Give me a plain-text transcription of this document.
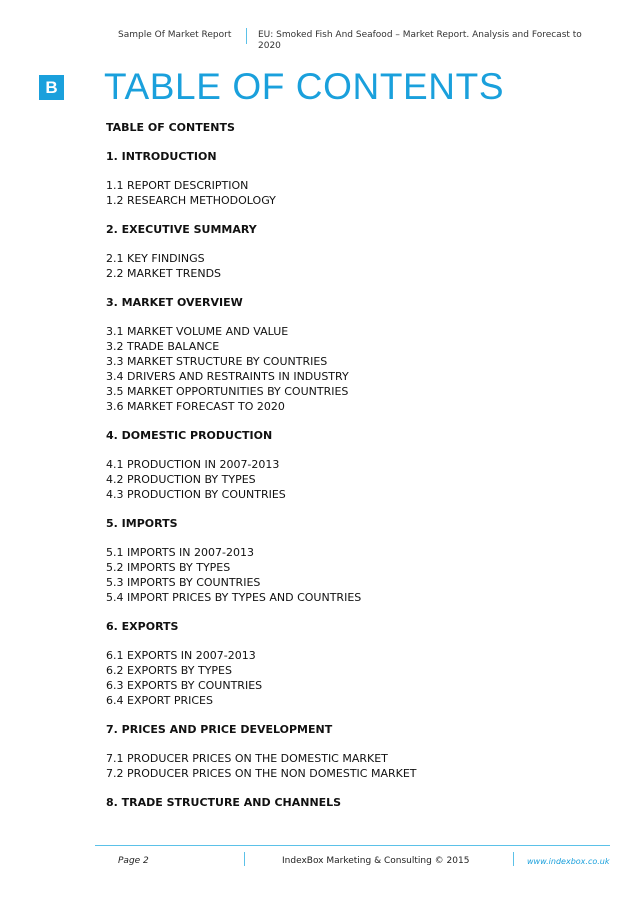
Sample Of Market Report	EU: Smoked Fish And Seafood – Market Report. Analysis and Forecast to 2020
B TABLE OF CONTENTS
TABLE OF CONTENTS
1. INTRODUCTION
1.1 REPORT DESCRIPTION
1.2 RESEARCH METHODOLOGY
2. EXECUTIVE SUMMARY
2.1 KEY FINDINGS
2.2 MARKET TRENDS
3. MARKET OVERVIEW
3.1 MARKET VOLUME AND VALUE
3.2 TRADE BALANCE
3.3 MARKET STRUCTURE BY COUNTRIES
3.4 DRIVERS AND RESTRAINTS IN INDUSTRY
3.5 MARKET OPPORTUNITIES BY COUNTRIES
3.6 MARKET FORECAST TO 2020
4. DOMESTIC PRODUCTION
4.1 PRODUCTION IN 2007-2013
4.2 PRODUCTION BY TYPES
4.3 PRODUCTION BY COUNTRIES
5. IMPORTS
5.1 IMPORTS IN 2007-2013
5.2 IMPORTS BY TYPES
5.3 IMPORTS BY COUNTRIES
5.4 IMPORT PRICES BY TYPES AND COUNTRIES
6. EXPORTS
6.1 EXPORTS IN 2007-2013
6.2 EXPORTS BY TYPES
6.3 EXPORTS BY COUNTRIES
6.4 EXPORT PRICES
7. PRICES AND PRICE DEVELOPMENT
7.1 PRODUCER PRICES ON THE DOMESTIC MARKET
7.2 PRODUCER PRICES ON THE NON DOMESTIC MARKET
8. TRADE STRUCTURE AND CHANNELS
Page 2	IndexBox Marketing & Consulting © 2015	www.indexbox.co.uk
